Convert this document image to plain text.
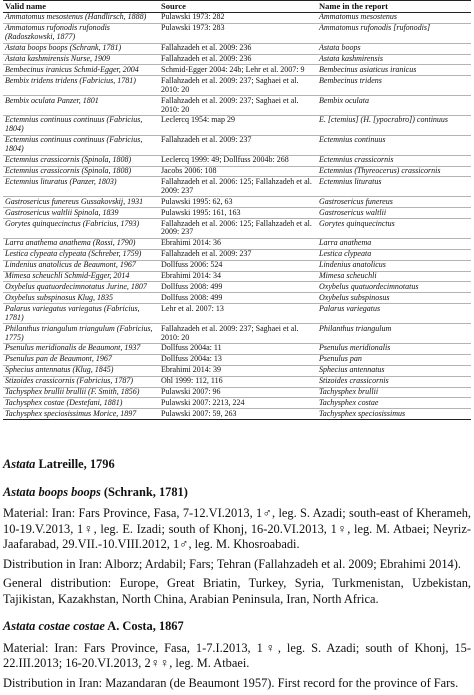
Valid name	Source	Name in the report
Ammatomus mesostenus (Handlirsch, 1888)	Pulawski 1973: 282	Ammatomus mesostenus
Ammatomus rufonodis rufonodis (Radoszkowski, 1877)	Pulawski 1973: 283	Ammatomus rufonodis [rufonodis]
Astata boops boops (Schrank, 1781)	Fallahzadeh et al. 2009: 236	Astata boops
Astata kashmirensis Nurse, 1909	Fallahzadeh et al. 2009: 236	Astata kashmirensis
Bembecinus iranicus Schmid-Egger, 2004	Schmid-Egger 2004: 24b; Lehr et al. 2007: 9	Bembecinus asiaticus iranicus
Bembix tridens tridens (Fabricius, 1781)	Fallahzadeh et al. 2009: 237; Saghaei et al. 2010: 20	Bembecinus tridens
Bembix oculata Panzer, 1801	Fallahzadeh et al. 2009: 237; Saghaei et al. 2010: 20	Bembix oculata
Ectemnius continuus continuus (Fabricius, 1804)	Leclercq 1954: map 29	E. [ctemius] (H. [ypocrabro]) continuus
Ectemnius continuus continuus (Fabricius, 1804)	Fallahzadeh et al. 2009: 237	Ectemnius continuus
Ectemnius crassicornis (Spinola, 1808)	Leclercq 1999: 49; Dollfuss 2004b: 268	Ectemnius crassicornis
Ectemnius crassicornis (Spinola, 1808)	Jacobs 2006: 108	Ectemnius (Thyreocerus) crassicornis
Ectemnius lituratus (Panzer, 1803)	Fallahzadeh et al. 2006: 125; Fallahzadeh et al. 2009: 237	Ectemnius lituratus
Gastrosericus funereus Gussakovskij, 1931	Pulawski 1995: 62, 63	Gastrosericus funereus
Gastrosericus waltlii Spinola, 1839	Pulawski 1995: 161, 163	Gastrosericus waltlii
Gorytes quinquecinctus (Fabricius, 1793)	Fallahzadeh et al. 2006: 125; Fallahzadeh et al. 2009: 237	Gorytes quinquecinctus
Larra anathema anathema (Rossi, 1790)	Ebrahimi 2014: 36	Larra anathema
Lestica clypeata clypeata (Schreber, 1759)	Fallahzadeh et al. 2009: 237	Lestica clypeata
Lindenius anatolicus de Beaumont, 1967	Dollfuss 2006: 524	Lindenius anatolicus
Mimesa scheuchli Schmid-Egger, 2014	Ebrahimi 2014: 34	Mimesa scheuchli
Oxybelus quatuordecimnotatus Jurine, 1807	Dollfuss 2008: 499	Oxybelus quatuordecimnotatus
Oxybelus subspinosus Klug, 1835	Dollfuss 2008: 499	Oxybelus subspinosus
Palarus variegatus variegatus (Fabricius, 1781)	Lehr et al. 2007: 13	Palarus variegatus
Philanthus triangulum triangulum (Fabricius, 1775)	Fallahzadeh et al. 2009: 237; Saghaei et al. 2010: 20	Philanthus triangulum
Psenulus meridionalis de Beaumont, 1937	Dollfuss 2004a: 11	Psenulus meridionalis
Psenulus pan de Beaumont, 1967	Dollfuss 2004a: 13	Psenulus pan
Sphecius antennatus (Klug, 1845)	Ebrahimi 2014: 39	Sphecius antennatus
Stizoides crassicornis (Fabricius, 1787)	Ohl 1999: 112, 116	Stizoides crassicornis
Tachysphex brullii brullii (F. Smith, 1856)	Pulawski 2007: 96	Tachysphex brullii
Tachysphex costae (Destefani, 1881)	Pulawski 2007: 2213, 224	Tachysphex costae
Tachysphex speciosissimus Morice, 1897	Pulawski 2007: 59, 263	Tachysphex speciosissimus

Astata Latreille, 1796

Astata boops boops (Schrank, 1781)

Material: Iran: Fars Province, Fasa, 7-12.VI.2013, 1♂, leg. S. Azadi; south-east of Kherameh, 10-19.V.2013, 1♀, leg. E. Izadi; south of Khonj, 16-20.VI.2013, 1♀, leg. M. Atbaei; Neyriz-Jaafarabad, 29.VII.-10.VIII.2012, 1♂, leg. M. Khosroabadi.

Distribution in Iran: Alborz; Ardabil; Fars; Tehran (Fallahzadeh et al. 2009; Ebrahimi 2014).

General distribution: Europe, Great Briatin, Turkey, Syria, Turkmenistan, Uzbekistan, Tajikistan, Kazakhstan, North China, Arabian Peninsula, Iran, North Africa.

Astata costae costae A. Costa, 1867

Material: Iran: Fars Province, Fasa, 1-7.I.2013, 1♀, leg. S. Azadi; south of Khonj, 15-22.III.2013; 16-20.VI.2013, 2♀♀, leg. M. Atbaei.

Distribution in Iran: Mazandaran (de Beaumont 1957). First record for the province of Fars.
